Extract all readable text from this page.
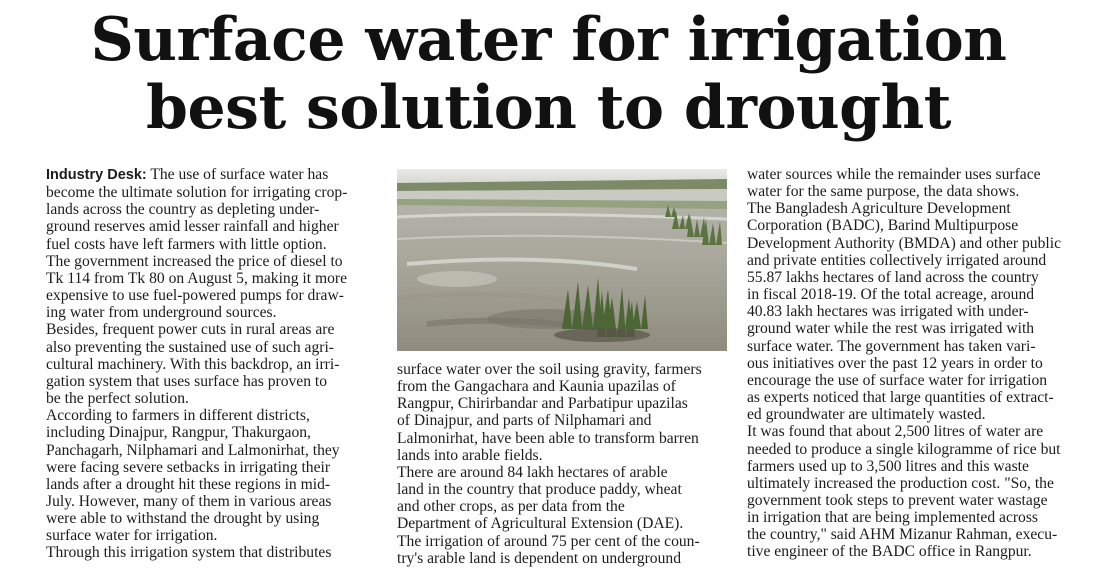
Surface water for irrigation
best solution to drought

Industry Desk: The use of surface water has

become the ultimate solution for irrigating crop-

lands across the country as depleting under-

ground reserves amid lesser rainfall and higher

fuel costs have left farmers with little option.

The government increased the price of diesel to

Tk 114 from Tk 80 on August 5, making it more

expensive to use fuel-powered pumps for draw-

ing water from underground sources.

Besides, frequent power cuts in rural areas are

also preventing the sustained use of such agri-

cultural machinery. With this backdrop, an irri-

gation system that uses surface has proven to

be the perfect solution.

According to farmers in different districts,

including Dinajpur, Rangpur, Thakurgaon,

Panchagarh, Nilphamari and Lalmonirhat, they

were facing severe setbacks in irrigating their

lands after a drought hit these regions in mid-

July. However, many of them in various areas

were able to withstand the drought by using

surface water for irrigation.

Through this irrigation system that distributes

surface water over the soil using gravity, farmers

from the Gangachara and Kaunia upazilas of

Rangpur, Chirirbandar and Parbatipur upazilas

of Dinajpur, and parts of Nilphamari and

Lalmonirhat, have been able to transform barren

lands into arable fields.

There are around 84 lakh hectares of arable

land in the country that produce paddy, wheat

and other crops, as per data from the

Department of Agricultural Extension (DAE).

The irrigation of around 75 per cent of the coun-

try's arable land is dependent on underground

water sources while the remainder uses surface

water for the same purpose, the data shows.

The Bangladesh Agriculture Development

Corporation (BADC), Barind Multipurpose

Development Authority (BMDA) and other public

and private entities collectively irrigated around

55.87 lakhs hectares of land across the country

in fiscal 2018-19. Of the total acreage, around

40.83 lakh hectares was irrigated with under-

ground water while the rest was irrigated with

surface water. The government has taken vari-

ous initiatives over the past 12 years in order to

encourage the use of surface water for irrigation

as experts noticed that large quantities of extract-

ed groundwater are ultimately wasted.

It was found that about 2,500 litres of water are

needed to produce a single kilogramme of rice but

farmers used up to 3,500 litres and this waste

ultimately increased the production cost. "So, the

government took steps to prevent water wastage

in irrigation that are being implemented across

the country," said AHM Mizanur Rahman, execu-

tive engineer of the BADC office in Rangpur.
